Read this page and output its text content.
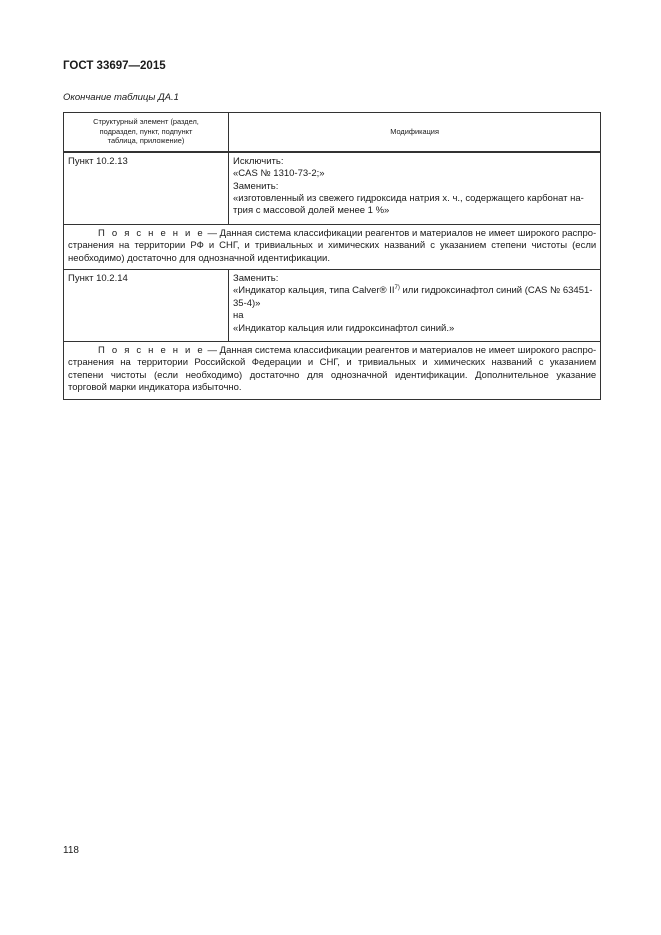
ГОСТ 33697—2015
Окончание таблицы ДА.1
Структурный элемент (раздел,
подраздел, пункт, подпункт
таблица, приложение)	Модификация
Пункт 10.2.13	Исключить:
«CAS № 1310-73-2;»
Заменить:
«изготовленный из свежего гидроксида натрия х. ч., содержащего карбонат на-
трия с массовой долей менее 1 %»

П о я с н е н и е — Данная система классификации реагентов и материалов не имеет широкого распро-
странения на территории РФ и СНГ, и тривиальных и химических названий с указанием степени чистоты (если
необходимо) достаточно для однозначной идентификации.	

Пункт 10.2.14	Заменить:
«Индикатор кальция, типа Calver® II$^{7)}$ или гидроксинафтол синий (CAS № 63451-
35-4)»
на
«Индикатор кальция или гидроксинафтол синий.»

П о я с н е н и е — Данная система классификации реагентов и материалов не имеет широкого распро-
странения на территории Российской Федерации и СНГ, и тривиальных и химических названий с указанием
степени чистоты (если необходимо) достаточно для однозначной идентификации. Дополнительное указание
торговой марки индикатора избыточно.	
118
